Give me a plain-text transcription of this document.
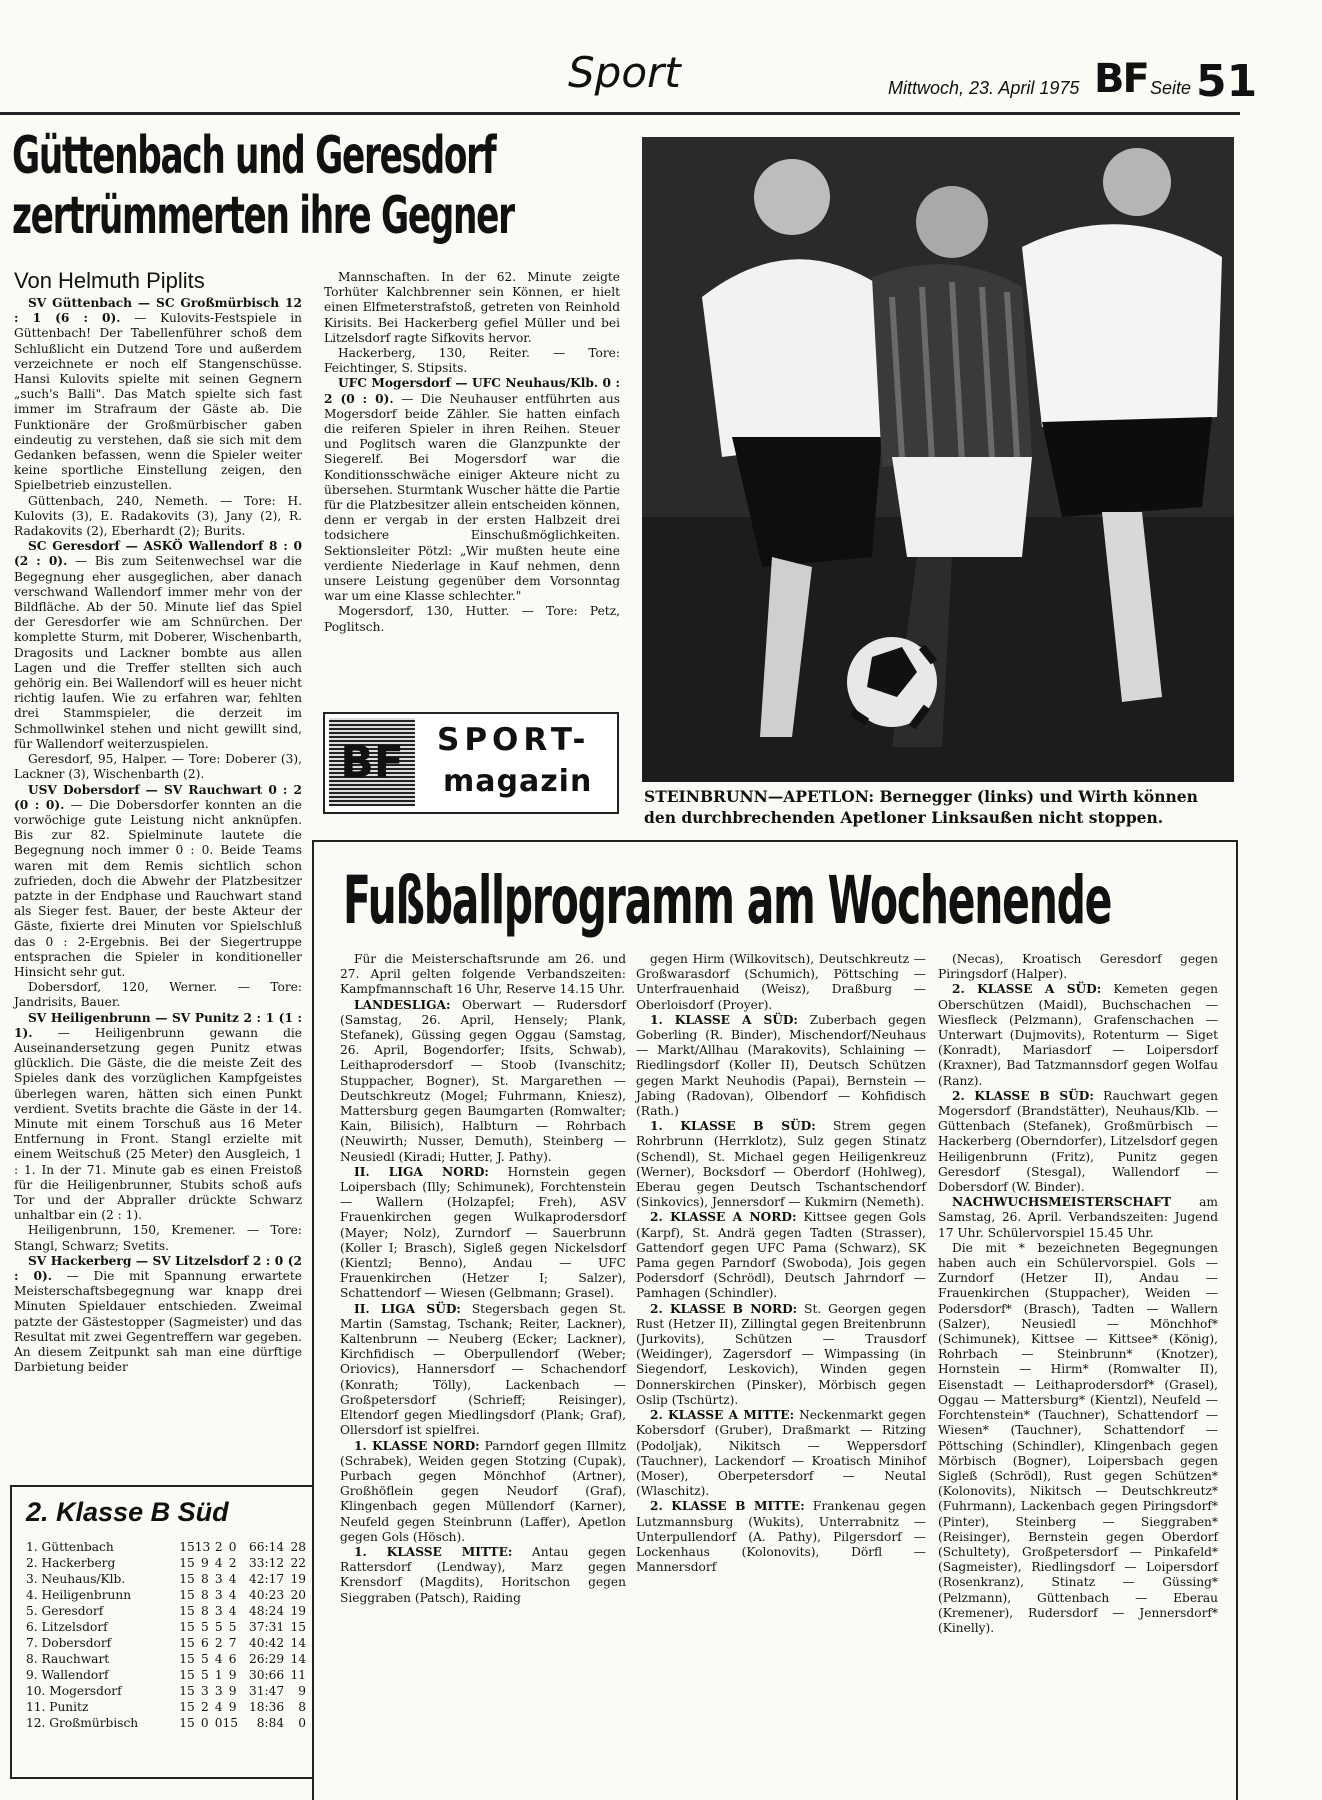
Sport	Mittwoch, 23. April 1975 BF Seite 51
Güttenbach und Geresdorf
zertrümmerten ihre Gegner
Von Helmuth Piplits

SV Güttenbach — SC Großmürbisch 12 : 1 (6 : 0). — Kulovits-Festspiele in Güttenbach! Der Tabellenführer schoß dem Schlußlicht ein Dutzend Tore und außerdem verzeichnete er noch elf Stangenschüsse. Hansi Kulovits spielte mit seinen Gegnern „such's Balli". Das Match spielte sich fast immer im Strafraum der Gäste ab. Die Funktionäre der Großmürbischer gaben eindeutig zu verstehen, daß sie sich mit dem Gedanken befassen, wenn die Spieler weiter keine sportliche Einstellung zeigen, den Spielbetrieb einzustellen.

Güttenbach, 240, Nemeth. — Tore: H. Kulovits (3), E. Radakovits (3), Jany (2), R. Radakovits (2), Eberhardt (2); Burits.

SC Geresdorf — ASKÖ Wallendorf 8 : 0 (2 : 0). — Bis zum Seitenwechsel war die Begegnung eher ausgeglichen, aber danach verschwand Wallendorf immer mehr von der Bildfläche. Ab der 50. Minute lief das Spiel der Geresdorfer wie am Schnürchen. Der komplette Sturm, mit Doberer, Wischenbarth, Dragosits und Lackner bombte aus allen Lagen und die Treffer stellten sich auch gehörig ein. Bei Wallendorf will es heuer nicht richtig laufen. Wie zu erfahren war, fehlten drei Stammspieler, die derzeit im Schmollwinkel stehen und nicht gewillt sind, für Wallendorf weiterzuspielen.

Geresdorf, 95, Halper. — Tore: Doberer (3), Lackner (3), Wischenbarth (2).

USV Dobersdorf — SV Rauchwart 0 : 2 (0 : 0). — Die Dobersdorfer konnten an die vorwöchige gute Leistung nicht anknüpfen. Bis zur 82. Spielminute lautete die Begegnung noch immer 0 : 0. Beide Teams waren mit dem Remis sichtlich schon zufrieden, doch die Abwehr der Platzbesitzer patzte in der Endphase und Rauchwart stand als Sieger fest. Bauer, der beste Akteur der Gäste, fixierte drei Minuten vor Spielschluß das 0 : 2-Ergebnis. Bei der Siegertruppe entsprachen die Spieler in konditioneller Hinsicht sehr gut.

Dobersdorf, 120, Werner. — Tore: Jandrisits, Bauer.

SV Heiligenbrunn — SV Punitz 2 : 1 (1 : 1). — Heiligenbrunn gewann die Auseinandersetzung gegen Punitz etwas glücklich. Die Gäste, die die meiste Zeit des Spieles dank des vorzüglichen Kampfgeistes überlegen waren, hätten sich einen Punkt verdient. Svetits brachte die Gäste in der 14. Minute mit einem Torschuß aus 16 Meter Entfernung in Front. Stangl erzielte mit einem Weitschuß (25 Meter) den Ausgleich, 1 : 1. In der 71. Minute gab es einen Freistoß für die Heiligenbrunner, Stubits schoß aufs Tor und der Abpraller drückte Schwarz unhaltbar ein (2 : 1).

Heiligenbrunn, 150, Kremener. — Tore: Stangl, Schwarz; Svetits.

SV Hackerberg — SV Litzelsdorf 2 : 0 (2 : 0). — Die mit Spannung erwartete Meisterschaftsbegegnung war knapp drei Minuten Spieldauer entschieden. Zweimal patzte der Gästestopper (Sagmeister) und das Resultat mit zwei Gegentreffern war gegeben. An diesem Zeitpunkt sah man eine dürftige Darbietung beider

Mannschaften. In der 62. Minute zeigte Torhüter Kalchbrenner sein Können, er hielt einen Elfmeterstrafstoß, getreten von Reinhold Kirisits. Bei Hackerberg gefiel Müller und bei Litzelsdorf ragte Sifkovits hervor.

Hackerberg, 130, Reiter. — Tore: Feichtinger, S. Stipsits.

UFC Mogersdorf — UFC Neuhaus/Klb. 0 : 2 (0 : 0). — Die Neuhauser entführten aus Mogersdorf beide Zähler. Sie hatten einfach die reiferen Spieler in ihren Reihen. Steuer und Poglitsch waren die Glanzpunkte der Siegerelf. Bei Mogersdorf war die Konditionsschwäche einiger Akteure nicht zu übersehen. Sturmtank Wuscher hätte die Partie für die Platzbesitzer allein entscheiden können, denn er vergab in der ersten Halbzeit drei todsichere Einschußmöglichkeiten. Sektionsleiter Pötzl: „Wir mußten heute eine verdiente Niederlage in Kauf nehmen, denn unsere Leistung gegenüber dem Vorsonntag war um eine Klasse schlechter."

Mogersdorf, 130, Hutter. — Tore: Petz, Poglitsch.

STEINBRUNN—APETLON: Bernegger (links) und Wirth können den durchbrechenden Apetloner Linksaußen nicht stoppen.
BF	SPORT-
magazin
Fußballprogramm am Wochenende

Für die Meisterschaftsrunde am 26. und 27. April gelten folgende Verbandszeiten: Kampfmannschaft 16 Uhr, Reserve 14.15 Uhr.

LANDESLIGA: Oberwart — Rudersdorf (Samstag, 26. April, Hensely; Plank, Stefanek), Güssing gegen Oggau (Samstag, 26. April, Bogendorfer; Ifsits, Schwab), Leithaprodersdorf — Stoob (Ivanschitz; Stuppacher, Bogner), St. Margarethen — Deutschkreutz (Mogel; Fuhrmann, Kniesz), Mattersburg gegen Baumgarten (Romwalter; Kain, Bilisich), Halbturn — Rohrbach (Neuwirth; Nusser, Demuth), Steinberg — Neusiedl (Kiradi; Hutter, J. Pathy).

II. LIGA NORD: Hornstein gegen Loipersbach (Illy; Schimunek), Forchtenstein — Wallern (Holzapfel; Freh), ASV Frauenkirchen gegen Wulkaprodersdorf (Mayer; Nolz), Zurndorf — Sauerbrunn (Koller I; Brasch), Sigleß gegen Nickelsdorf (Kientzl; Benno), Andau — UFC Frauenkirchen (Hetzer I; Salzer), Schattendorf — Wiesen (Gelbmann; Grasel).

II. LIGA SÜD: Stegersbach gegen St. Martin (Samstag, Tschank; Reiter, Lackner), Kaltenbrunn — Neuberg (Ecker; Lackner), Kirchfidisch — Oberpullendorf (Weber; Oriovics), Hannersdorf — Schachendorf (Konrath; Tölly), Lackenbach — Großpetersdorf (Schrieff; Reisinger), Eltendorf gegen Miedlingsdorf (Plank; Graf), Ollersdorf ist spielfrei.

1. KLASSE NORD: Parndorf gegen Illmitz (Schrabek), Weiden gegen Stotzing (Cupak), Purbach gegen Mönchhof (Artner), Großhöflein gegen Neudorf (Graf), Klingenbach gegen Müllendorf (Karner), Neufeld gegen Steinbrunn (Laffer), Apetlon gegen Gols (Hösch).

1. KLASSE MITTE: Antau gegen Rattersdorf (Lendway), Marz gegen Krensdorf (Magdits), Horitschon gegen Sieggraben (Patsch), Raiding

gegen Hirm (Wilkovitsch), Deutschkreutz — Großwarasdorf (Schumich), Pöttsching — Unterfrauenhaid (Weisz), Draßburg — Oberloisdorf (Proyer).

1. KLASSE A SÜD: Zuberbach gegen Goberling (R. Binder), Mischendorf/Neuhaus — Markt/Allhau (Marakovits), Schlaining — Riedlingsdorf (Koller II), Deutsch Schützen gegen Markt Neuhodis (Papai), Bernstein — Jabing (Radovan), Olbendorf — Kohfidisch (Rath.)

1. KLASSE B SÜD: Strem gegen Rohrbrunn (Herrklotz), Sulz gegen Stinatz (Schendl), St. Michael gegen Heiligenkreuz (Werner), Bocksdorf — Oberdorf (Hohlweg), Eberau gegen Deutsch Tschantschendorf (Sinkovics), Jennersdorf — Kukmirn (Nemeth).

2. KLASSE A NORD: Kittsee gegen Gols (Karpf), St. Andrä gegen Tadten (Strasser), Gattendorf gegen UFC Pama (Schwarz), SK Pama gegen Parndorf (Swoboda), Jois gegen Podersdorf (Schrödl), Deutsch Jahrndorf — Pamhagen (Schindler).

2. KLASSE B NORD: St. Georgen gegen Rust (Hetzer II), Zillingtal gegen Breitenbrunn (Jurkovits), Schützen — Trausdorf (Weidinger), Zagersdorf — Wimpassing (in Siegendorf, Leskovich), Winden gegen Donnerskirchen (Pinsker), Mörbisch gegen Oslip (Tschürtz).

2. KLASSE A MITTE: Neckenmarkt gegen Kobersdorf (Gruber), Draßmarkt — Ritzing (Podoljak), Nikitsch — Weppersdorf (Tauchner), Lackendorf — Kroatisch Minihof (Moser), Oberpetersdorf — Neutal (Wlaschitz).

2. KLASSE B MITTE: Frankenau gegen Lutzmannsburg (Wukits), Unterrabnitz — Unterpullendorf (A. Pathy), Pilgersdorf — Lockenhaus (Kolonovits), Dörfl — Mannersdorf

(Necas), Kroatisch Geresdorf gegen Piringsdorf (Halper).

2. KLASSE A SÜD: Kemeten gegen Oberschützen (Maidl), Buchschachen — Wiesfleck (Pelzmann), Grafenschachen — Unterwart (Dujmovits), Rotenturm — Siget (Konradt), Mariasdorf — Loipersdorf (Kraxner), Bad Tatzmannsdorf gegen Wolfau (Ranz).

2. KLASSE B SÜD: Rauchwart gegen Mogersdorf (Brandstätter), Neuhaus/Klb. — Güttenbach (Stefanek), Großmürbisch — Hackerberg (Oberndorfer), Litzelsdorf gegen Heiligenbrunn (Fritz), Punitz gegen Geresdorf (Stesgal), Wallendorf — Dobersdorf (W. Binder).

NACHWUCHSMEISTERSCHAFT am Samstag, 26. April. Verbandszeiten: Jugend 17 Uhr. Schülervorspiel 15.45 Uhr.

Die mit * bezeichneten Begegnungen haben auch ein Schülervorspiel. Gols — Zurndorf (Hetzer II), Andau — Frauenkirchen (Stuppacher), Weiden — Podersdorf* (Brasch), Tadten — Wallern (Salzer), Neusiedl — Mönchhof* (Schimunek), Kittsee — Kittsee* (König), Rohrbach — Steinbrunn* (Knotzer), Hornstein — Hirm* (Romwalter II), Eisenstadt — Leithaprodersdorf* (Grasel), Oggau — Mattersburg* (Kientzl), Neufeld — Forchtenstein* (Tauchner), Schattendorf — Wiesen* (Tauchner), Schattendorf — Pöttsching (Schindler), Klingenbach gegen Mörbisch (Bogner), Loipersbach gegen Sigleß (Schrödl), Rust gegen Schützen* (Kolonovits), Nikitsch — Deutschkreutz* (Fuhrmann), Lackenbach gegen Piringsdorf* (Pinter), Steinberg — Sieggraben* (Reisinger), Bernstein gegen Oberdorf (Schultety), Großpetersdorf — Pinkafeld* (Sagmeister), Riedlingsdorf — Loipersdorf (Rosenkranz), Stinatz — Güssing* (Pelzmann), Güttenbach — Eberau (Kremener), Rudersdorf — Jennersdorf* (Kinelly).

2. Klasse B Süd
1. Güttenbach	15 13 2 0	66:14 28
2. Hackerberg	15 9 4 2	33:12 22
3. Neuhaus/Klb.	15 8 3 4	42:17 19
4. Heiligenbrunn	15 8 3 4	40:23 20
5. Geresdorf	15 8 3 4	48:24 19
6. Litzelsdorf	15 5 5 5	37:31 15
7. Dobersdorf	15 6 2 7	40:42 14
8. Rauchwart	15 5 4 6	26:29 14
9. Wallendorf	15 5 1 9	30:66 11
10. Mogersdorf	15 3 3 9	31:47	9
11. Punitz	15 2 4 9	18:36	8
12. Großmürbisch	15 0 0 15	8:84	0
